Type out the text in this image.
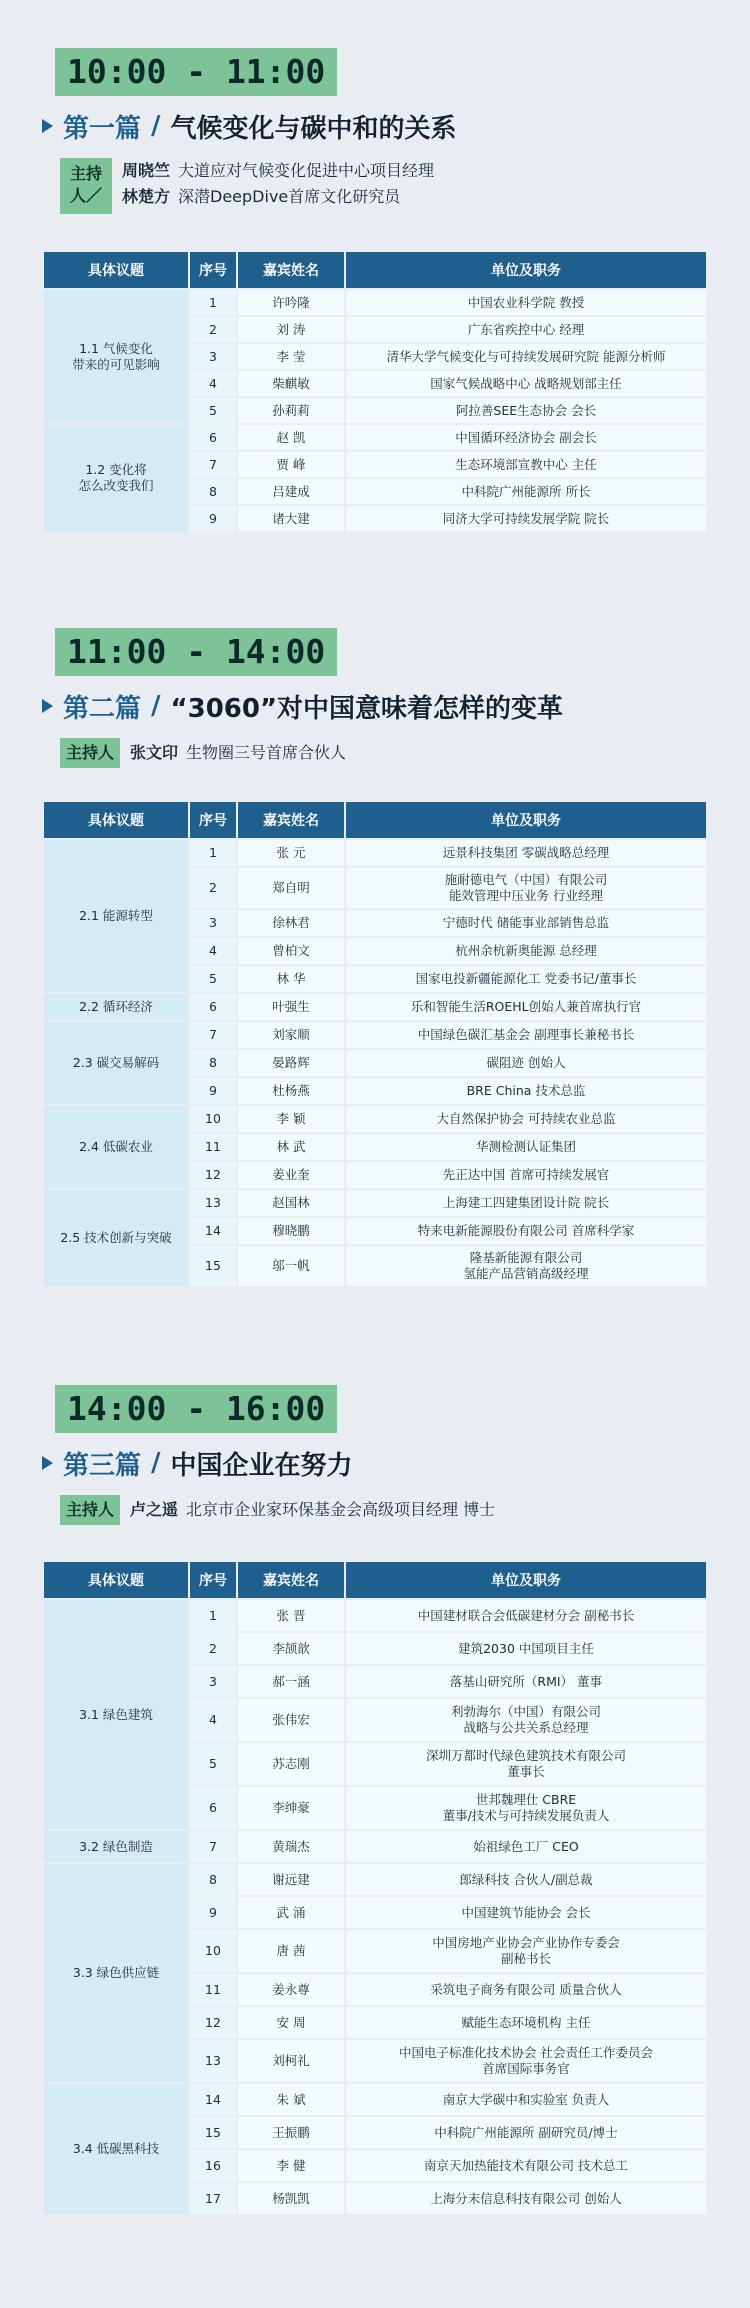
10:00 - 11:00
第一篇 / 气候变化与碳中和的关系
主持
人／
周晓竺 大道应对气候变化促进中心项目经理
林楚方 深潜DeepDive首席文化研究员
具体议题	序号	嘉宾姓名	单位及职务
1.1 气候变化
带来的可见影响	1	许吟隆	中国农业科学院 教授
	2	刘 涛	广东省疾控中心 经理
	3	李 莹	清华大学气候变化与可持续发展研究院 能源分析师
	4	柴麒敏	国家气候战略中心 战略规划部主任
	5	孙莉莉	阿拉善SEE生态协会 会长
1.2 变化将
怎么改变我们	6	赵 凯	中国循环经济协会 副会长
	7	贾 峰	生态环境部宣教中心 主任
	8	吕建成	中科院广州能源所 所长
	9	诸大建	同济大学可持续发展学院 院长
11:00 - 14:00
第二篇 / “3060”对中国意味着怎样的变革
主持人	张文印 生物圈三号首席合伙人
具体议题	序号	嘉宾姓名	单位及职务
2.1 能源转型	1	张 元	远景科技集团 零碳战略总经理
	2	郑自明	施耐德电气（中国）有限公司
能效管理中压业务 行业经理
	3	徐林君	宁德时代 储能事业部销售总监
	4	曾柏文	杭州余杭新奥能源 总经理
	5	林 华	国家电投新疆能源化工 党委书记/董事长
2.2 循环经济	6	叶强生	乐和智能生活ROEHL创始人兼首席执行官
2.3 碳交易解码	7	刘家顺	中国绿色碳汇基金会 副理事长兼秘书长
	8	晏路辉	碳阻迹 创始人
	9	杜杨燕	BRE China 技术总监
2.4 低碳农业	10	李 颖	大自然保护协会 可持续农业总监
	11	林 武	华测检测认证集团
	12	姜业奎	先正达中国 首席可持续发展官
2.5 技术创新与突破	13	赵国林	上海建工四建集团设计院 院长
	14	穆晓鹏	特来电新能源股份有限公司 首席科学家
	15	邬一帆	隆基新能源有限公司
氢能产品营销高级经理
14:00 - 16:00
第三篇 / 中国企业在努力
主持人	卢之遥 北京市企业家环保基金会高级项目经理 博士
具体议题	序号	嘉宾姓名	单位及职务
3.1 绿色建筑	1	张 晋	中国建材联合会低碳建材分会 副秘书长
	2	李颉歆	建筑2030 中国项目主任
	3	郝一涵	落基山研究所（RMI） 董事
	4	张伟宏	利勃海尔（中国）有限公司
战略与公共关系总经理
	5	苏志刚	深圳万都时代绿色建筑技术有限公司
董事长
	6	李绅豪	世邦魏理仕 CBRE
董事/技术与可持续发展负责人
3.2 绿色制造	7	黄瑞杰	始祖绿色工厂 CEO
3.3 绿色供应链	8	谢远建	郎绿科技 合伙人/副总裁
	9	武 涌	中国建筑节能协会 会长
	10	唐 茜	中国房地产业协会产业协作专委会
副秘书长
	11	姜永尊	采筑电子商务有限公司 质量合伙人
	12	安 周	赋能生态环境机构 主任
	13	刘柯礼	中国电子标准化技术协会 社会责任工作委员会
首席国际事务官
3.4 低碳黑科技	14	朱 斌	南京大学碳中和实验室 负责人
	15	王振鹏	中科院广州能源所 副研究员/博士
	16	李 健	南京天加热能技术有限公司 技术总工
	17	杨凯凯	上海分末信息科技有限公司 创始人
